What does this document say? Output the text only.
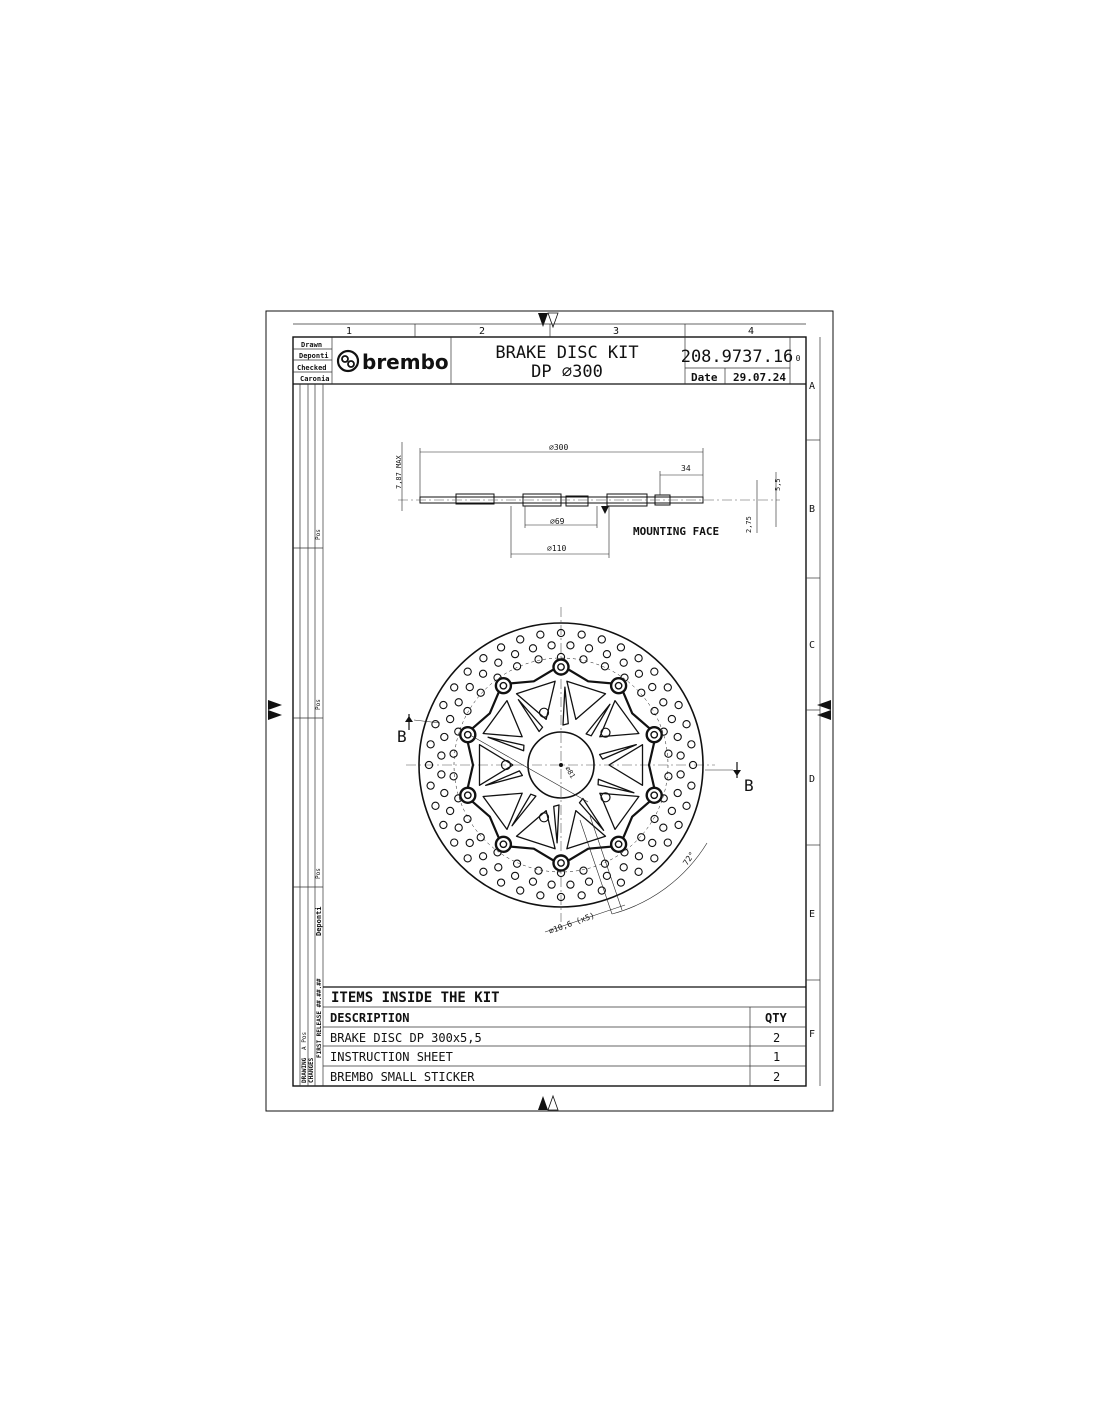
1	2	3	4
A
B
C
D
E
F
Drawn
Deponti
Checked
Caronia
brembo	BRAKE DISC KIT
DP ⌀300
208.9737.16 0
Date 29.07.24
Pos
Pos
Pos
Deponti
FIRST RELEASE ##.##.##
A Pos
CHANGES
DRAWING
⌀300
34
7,87 MAX	5,5
2,75
⌀69
⌀110
MOUNTING FACE
⌀81
⌀10,6 (x5)
72°
B
B
ITEMS INSIDE THE KIT
DESCRIPTION	QTY
BRAKE DISC DP 300x5,5	2
INSTRUCTION SHEET	1
BREMBO SMALL STICKER	2
